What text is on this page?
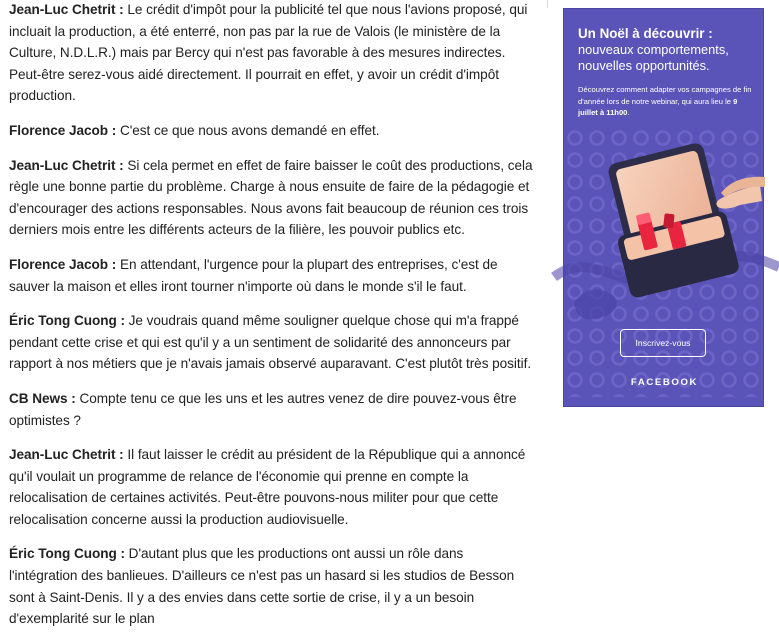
Jean-Luc Chetrit : Le crédit d'impôt pour la publicité tel que nous l'avions proposé, qui incluait la production, a été enterré, non pas par la rue de Valois (le ministère de la Culture, N.D.L.R.) mais par Bercy qui n'est pas favorable à des mesures indirectes. Peut-être serez-vous aidé directement. Il pourrait en effet, y avoir un crédit d'impôt production.

Florence Jacob : C'est ce que nous avons demandé en effet.

Jean-Luc Chetrit : Si cela permet en effet de faire baisser le coût des productions, cela règle une bonne partie du problème. Charge à nous ensuite de faire de la pédagogie et d'encourager des actions responsables. Nous avons fait beaucoup de réunion ces trois derniers mois entre les différents acteurs de la filière, les pouvoir publics etc.

Florence Jacob : En attendant, l'urgence pour la plupart des entreprises, c'est de sauver la maison et elles iront tourner n'importe où dans le monde s'il le faut.

Éric Tong Cuong : Je voudrais quand même souligner quelque chose qui m'a frappé pendant cette crise et qui est qu'il y a un sentiment de solidarité des annonceurs par rapport à nos métiers que je n'avais jamais observé auparavant. C'est plutôt très positif.

CB News : Compte tenu ce que les uns et les autres venez de dire pouvez-vous être optimistes ?

Jean-Luc Chetrit : Il faut laisser le crédit au président de la République qui a annoncé qu'il voulait un programme de relance de l'économie qui prenne en compte la relocalisation de certaines activités. Peut-être pouvons-nous militer pour que cette relocalisation concerne aussi la production audiovisuelle.

Éric Tong Cuong : D'autant plus que les productions ont aussi un rôle dans l'intégration des banlieues. D'ailleurs ce n'est pas un hasard si les studios de Besson sont à Saint-Denis. Il y a des envies dans cette sortie de crise, il y a un besoin d'exemplarité sur le plan

Un Noël à découvrir :
nouveaux comportements, nouvelles opportunités.
Découvrez comment adapter vos campagnes de fin d'année lors de notre webinar, qui aura lieu le 9 juillet à 11h00.
Inscrivez-vous
FACEBOOK
